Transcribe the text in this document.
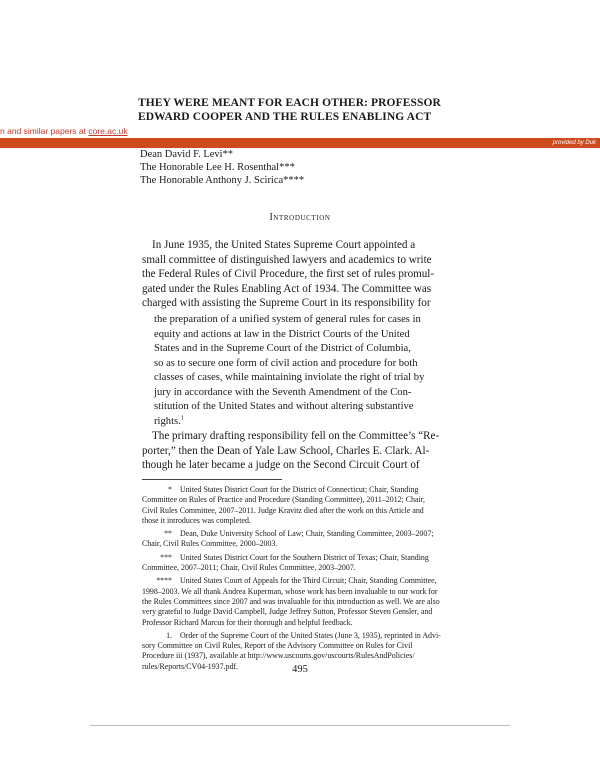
THEY WERE MEANT FOR EACH OTHER: PROFESSOR
EDWARD COOPER AND THE RULES ENABLING ACT
n and similar papers at core.ac.uk
provided by Duk
Dean David F. Levi**
The Honorable Lee H. Rosenthal***
The Honorable Anthony J. Scirica****
Introduction
In June 1935, the United States Supreme Court appointed a
small committee of distinguished lawyers and academics to write
the Federal Rules of Civil Procedure, the first set of rules promul-
gated under the Rules Enabling Act of 1934. The Committee was
charged with assisting the Supreme Court in its responsibility for
the preparation of a unified system of general rules for cases in
equity and actions at law in the District Courts of the United
States and in the Supreme Court of the District of Columbia,
so as to secure one form of civil action and procedure for both
classes of cases, while maintaining inviolate the right of trial by
jury in accordance with the Seventh Amendment of the Con-
stitution of the United States and without altering substantive
rights.$^1$
The primary drafting responsibility fell on the Committee’s “Re-
porter,” then the Dean of Yale Law School, Charles E. Clark. Al-
though he later became a judge on the Second Circuit Court of
* United States District Court for the District of Connecticut; Chair, Standing
Committee on Rules of Practice and Procedure (Standing Committee), 2011–2012; Chair,
Civil Rules Committee, 2007–2011. Judge Kravitz died after the work on this Article and
those it introduces was completed.
** Dean, Duke University School of Law; Chair, Standing Committee, 2003–2007;
Chair, Civil Rules Committee, 2000–2003.
*** United States District Court for the Southern District of Texas; Chair, Standing
Committee, 2007–2011; Chair, Civil Rules Committee, 2003–2007.
**** United States Court of Appeals for the Third Circuit; Chair, Standing Committee,
1998–2003. We all thank Andrea Kuperman, whose work has been invaluable to our work for
the Rules Committees since 2007 and was invaluable for this introduction as well. We are also
very grateful to Judge David Campbell, Judge Jeffrey Sutton, Professor Steven Gensler, and
Professor Richard Marcus for their thorough and helpful feedback.
1. Order of the Supreme Court of the United States (June 3, 1935), reprinted in Advi-
sory Committee on Civil Rules, Report of the Advisory Committee on Rules for Civil
Procedure iii (1937), available at http://www.uscourts.gov/uscourts/RulesAndPolicies/
rules/Reports/CV04-1937.pdf.	495
